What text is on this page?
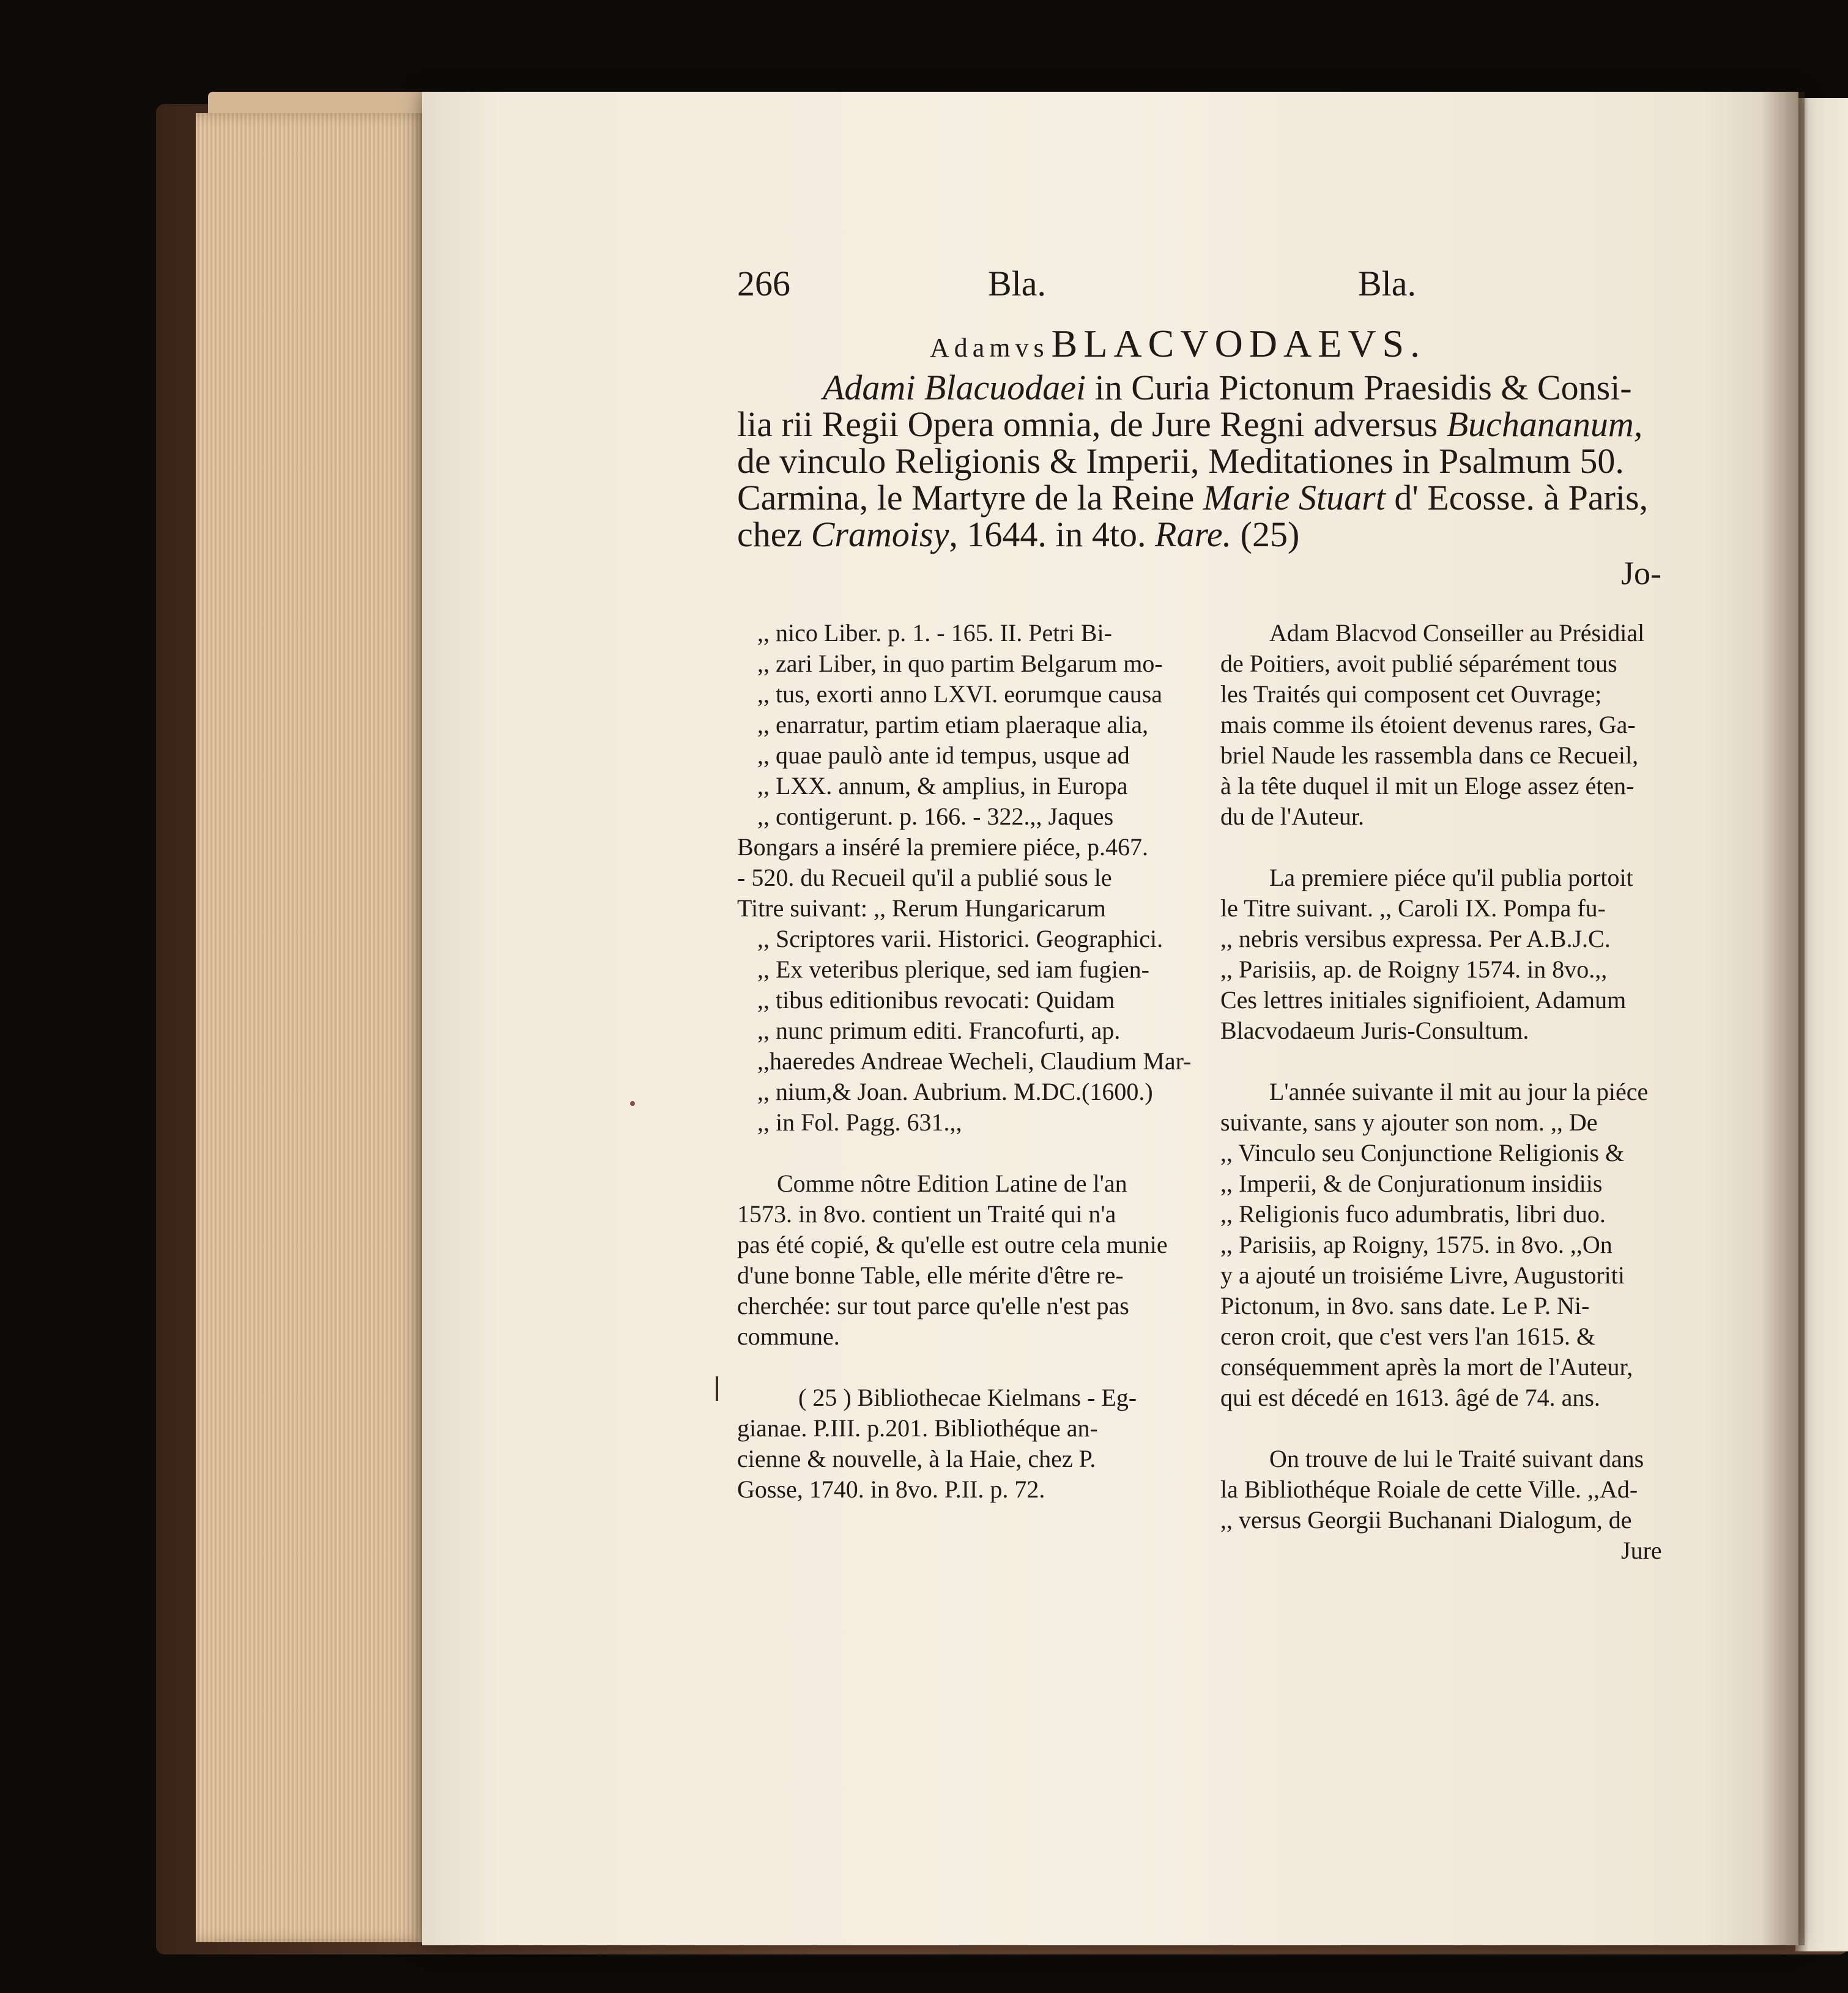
266	Bla.	Bla.
Adamvs BLACVODAEVS.
Adami Blacuodaei in Curia Pictonum Praesidis & Consi-
lia rii Regii Opera omnia, de Jure Regni adversus Buchananum,
de vinculo Religionis & Imperii, Meditationes in Psalmum 50.
Carmina, le Martyre de la Reine Marie Stuart d' Ecosse. à Paris,
chez Cramoisy, 1644. in 4to. Rare. (25)
Jo-
,, nico Liber. p. 1. - 165. II. Petri Bi-
,, zari Liber, in quo partim Belgarum mo-
,, tus, exorti anno LXVI. eorumque causa
,, enarratur, partim etiam plaeraque alia,
,, quae paulò ante id tempus, usque ad
,, LXX. annum, & amplius, in Europa
,, contigerunt. p. 166. - 322.,, Jaques
Bongars a inséré la premiere piéce, p.467.
- 520. du Recueil qu'il a publié sous le
Titre suivant: ,, Rerum Hungaricarum
,, Scriptores varii. Historici. Geographici.
,, Ex veteribus plerique, sed iam fugien-
,, tibus editionibus revocati: Quidam
,, nunc primum editi. Francofurti, ap.
,,haeredes Andreae Wecheli, Claudium Mar-
,, nium,& Joan. Aubrium. M.DC.(1600.)
,, in Fol. Pagg. 631.,,
Comme nôtre Edition Latine de l'an
1573. in 8vo. contient un Traité qui n'a
pas été copié, & qu'elle est outre cela munie
d'une bonne Table, elle mérite d'être re-
cherchée: sur tout parce qu'elle n'est pas
commune.
( 25 ) Bibliothecae Kielmans - Eg-
gianae. P.III. p.201. Bibliothéque an-
cienne & nouvelle, à la Haie, chez P.
Gosse, 1740. in 8vo. P.II. p. 72.
Adam Blacvod Conseiller au Présidial
de Poitiers, avoit publié séparément tous
les Traités qui composent cet Ouvrage;
mais comme ils étoient devenus rares, Ga-
briel Naude les rassembla dans ce Recueil,
à la tête duquel il mit un Eloge assez éten-
du de l'Auteur.
La premiere piéce qu'il publia portoit
le Titre suivant. ,, Caroli IX. Pompa fu-
,, nebris versibus expressa. Per A.B.J.C.
,, Parisiis, ap. de Roigny 1574. in 8vo.,,
Ces lettres initiales signifioient, Adamum
Blacvodaeum Juris-Consultum.
L'année suivante il mit au jour la piéce
suivante, sans y ajouter son nom. ,, De
,, Vinculo seu Conjunctione Religionis &
,, Imperii, & de Conjurationum insidiis
,, Religionis fuco adumbratis, libri duo.
,, Parisiis, ap Roigny, 1575. in 8vo. ,,On
y a ajouté un troisiéme Livre, Augustoriti
Pictonum, in 8vo. sans date. Le P. Ni-
ceron croit, que c'est vers l'an 1615. &
conséquemment après la mort de l'Auteur,
qui est décedé en 1613. âgé de 74. ans.
On trouve de lui le Traité suivant dans
la Bibliothéque Roiale de cette Ville. ,,Ad-
,, versus Georgii Buchanani Dialogum, de
Jure
